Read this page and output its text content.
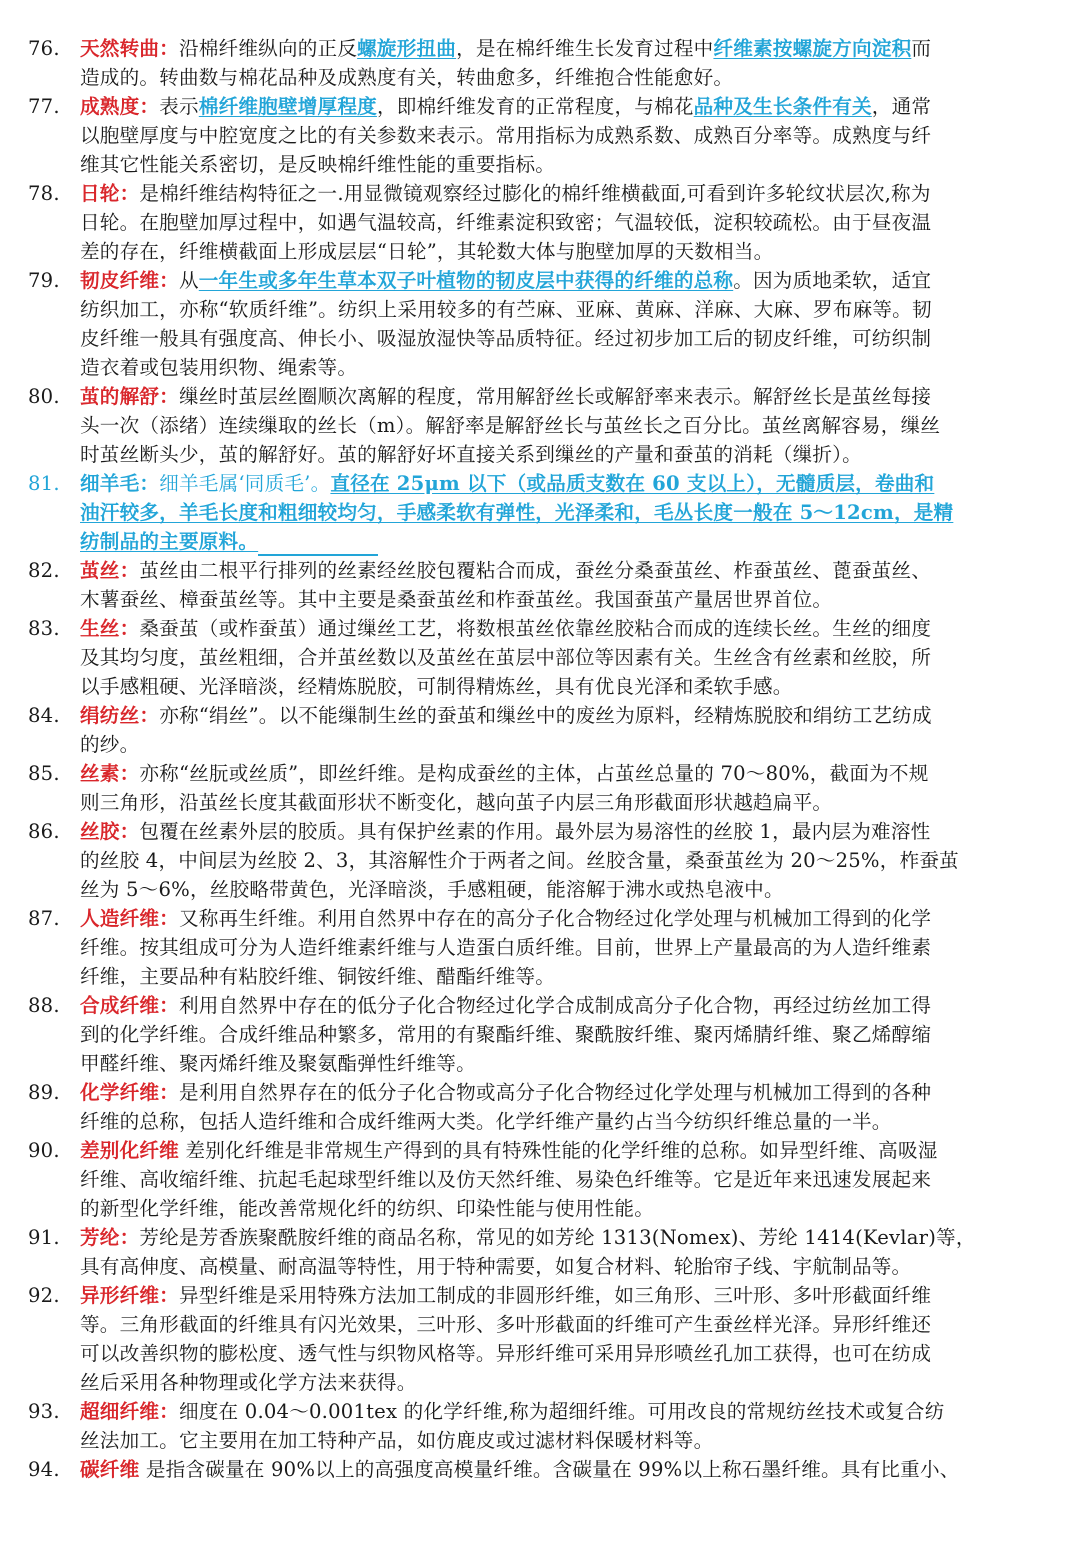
76.	天然转曲：沿棉纤维纵向的正反螺旋形扭曲，是在棉纤维生长发育过程中纤维素按螺旋方向淀积而
造成的。转曲数与棉花品种及成熟度有关，转曲愈多，纤维抱合性能愈好。
77.	成熟度：表示棉纤维胞壁增厚程度，即棉纤维发育的正常程度，与棉花品种及生长条件有关，通常
以胞壁厚度与中腔宽度之比的有关参数来表示。常用指标为成熟系数、成熟百分率等。成熟度与纤
维其它性能关系密切，是反映棉纤维性能的重要指标。
78.	日轮：是棉纤维结构特征之一.用显微镜观察经过膨化的棉纤维横截面,可看到许多轮纹状层次,称为
日轮。在胞壁加厚过程中，如遇气温较高，纤维素淀积致密；气温较低，淀积较疏松。由于昼夜温
差的存在，纤维横截面上形成层层“日轮”，其轮数大体与胞壁加厚的天数相当。
79.	韧皮纤维：从一年生或多年生草本双子叶植物的韧皮层中获得的纤维的总称。因为质地柔软，适宜
纺织加工，亦称“软质纤维”。纺织上采用较多的有苎麻、亚麻、黄麻、洋麻、大麻、罗布麻等。韧
皮纤维一般具有强度高、伸长小、吸湿放湿快等品质特征。经过初步加工后的韧皮纤维，可纺织制
造衣着或包装用织物、绳索等。
80.	茧的解舒：缫丝时茧层丝圈顺次离解的程度，常用解舒丝长或解舒率来表示。解舒丝长是茧丝每接
头一次（添绪）连续缫取的丝长（m）。解舒率是解舒丝长与茧丝长之百分比。茧丝离解容易，缫丝
时茧丝断头少，茧的解舒好。茧的解舒好坏直接关系到缫丝的产量和蚕茧的消耗（缫折）。
81.	细羊毛：细羊毛属‘同质毛’。直径在 25μm 以下（或品质支数在 60 支以上），无髓质层，卷曲和
油汗较多，羊毛长度和粗细较均匀，手感柔软有弹性，光泽柔和，毛丛长度一般在 5～12cm，是精
纺制品的主要原料。
82.	茧丝：茧丝由二根平行排列的丝素经丝胶包覆粘合而成，蚕丝分桑蚕茧丝、柞蚕茧丝、蓖蚕茧丝、
木薯蚕丝、樟蚕茧丝等。其中主要是桑蚕茧丝和柞蚕茧丝。我国蚕茧产量居世界首位。
83.	生丝：桑蚕茧（或柞蚕茧）通过缫丝工艺，将数根茧丝依靠丝胶粘合而成的连续长丝。生丝的细度
及其均匀度，茧丝粗细，合并茧丝数以及茧丝在茧层中部位等因素有关。生丝含有丝素和丝胶，所
以手感粗硬、光泽暗淡，经精炼脱胶，可制得精炼丝，具有优良光泽和柔软手感。
84.	绢纺丝：亦称“绢丝”。以不能缫制生丝的蚕茧和缫丝中的废丝为原料，经精炼脱胶和绢纺工艺纺成
的纱。
85.	丝素：亦称“丝朊或丝质”，即丝纤维。是构成蚕丝的主体，占茧丝总量的 70～80%，截面为不规
则三角形，沿茧丝长度其截面形状不断变化，越向茧子内层三角形截面形状越趋扁平。
86.	丝胶：包覆在丝素外层的胶质。具有保护丝素的作用。最外层为易溶性的丝胶 1，最内层为难溶性
的丝胶 4，中间层为丝胶 2、3，其溶解性介于两者之间。丝胶含量，桑蚕茧丝为 20～25%，柞蚕茧
丝为 5～6%，丝胶略带黄色，光泽暗淡，手感粗硬，能溶解于沸水或热皂液中。
87.	人造纤维：又称再生纤维。利用自然界中存在的高分子化合物经过化学处理与机械加工得到的化学
纤维。按其组成可分为人造纤维素纤维与人造蛋白质纤维。目前，世界上产量最高的为人造纤维素
纤维，主要品种有粘胶纤维、铜铵纤维、醋酯纤维等。
88.	合成纤维：利用自然界中存在的低分子化合物经过化学合成制成高分子化合物，再经过纺丝加工得
到的化学纤维。合成纤维品种繁多，常用的有聚酯纤维、聚酰胺纤维、聚丙烯腈纤维、聚乙烯醇缩
甲醛纤维、聚丙烯纤维及聚氨酯弹性纤维等。
89.	化学纤维：是利用自然界存在的低分子化合物或高分子化合物经过化学处理与机械加工得到的各种
纤维的总称，包括人造纤维和合成纤维两大类。化学纤维产量约占当今纺织纤维总量的一半。
90.	差别化纤维 差别化纤维是非常规生产得到的具有特殊性能的化学纤维的总称。如异型纤维、高吸湿
纤维、高收缩纤维、抗起毛起球型纤维以及仿天然纤维、易染色纤维等。它是近年来迅速发展起来
的新型化学纤维，能改善常规化纤的纺织、印染性能与使用性能。
91.	芳纶：芳纶是芳香族聚酰胺纤维的商品名称，常见的如芳纶 1313(Nomex)、芳纶 1414(Kevlar)等，
具有高伸度、高模量、耐高温等特性，用于特种需要，如复合材料、轮胎帘子线、宇航制品等。
92.	异形纤维：异型纤维是采用特殊方法加工制成的非圆形纤维，如三角形、三叶形、多叶形截面纤维
等。三角形截面的纤维具有闪光效果，三叶形、多叶形截面的纤维可产生蚕丝样光泽。异形纤维还
可以改善织物的膨松度、透气性与织物风格等。异形纤维可采用异形喷丝孔加工获得，也可在纺成
丝后采用各种物理或化学方法来获得。
93.	超细纤维：细度在 0.04～0.001tex 的化学纤维,称为超细纤维。可用改良的常规纺丝技术或复合纺
丝法加工。它主要用在加工特种产品，如仿鹿皮或过滤材料保暖材料等。
94.	碳纤维 是指含碳量在 90%以上的高强度高模量纤维。含碳量在 99%以上称石墨纤维。具有比重小、
